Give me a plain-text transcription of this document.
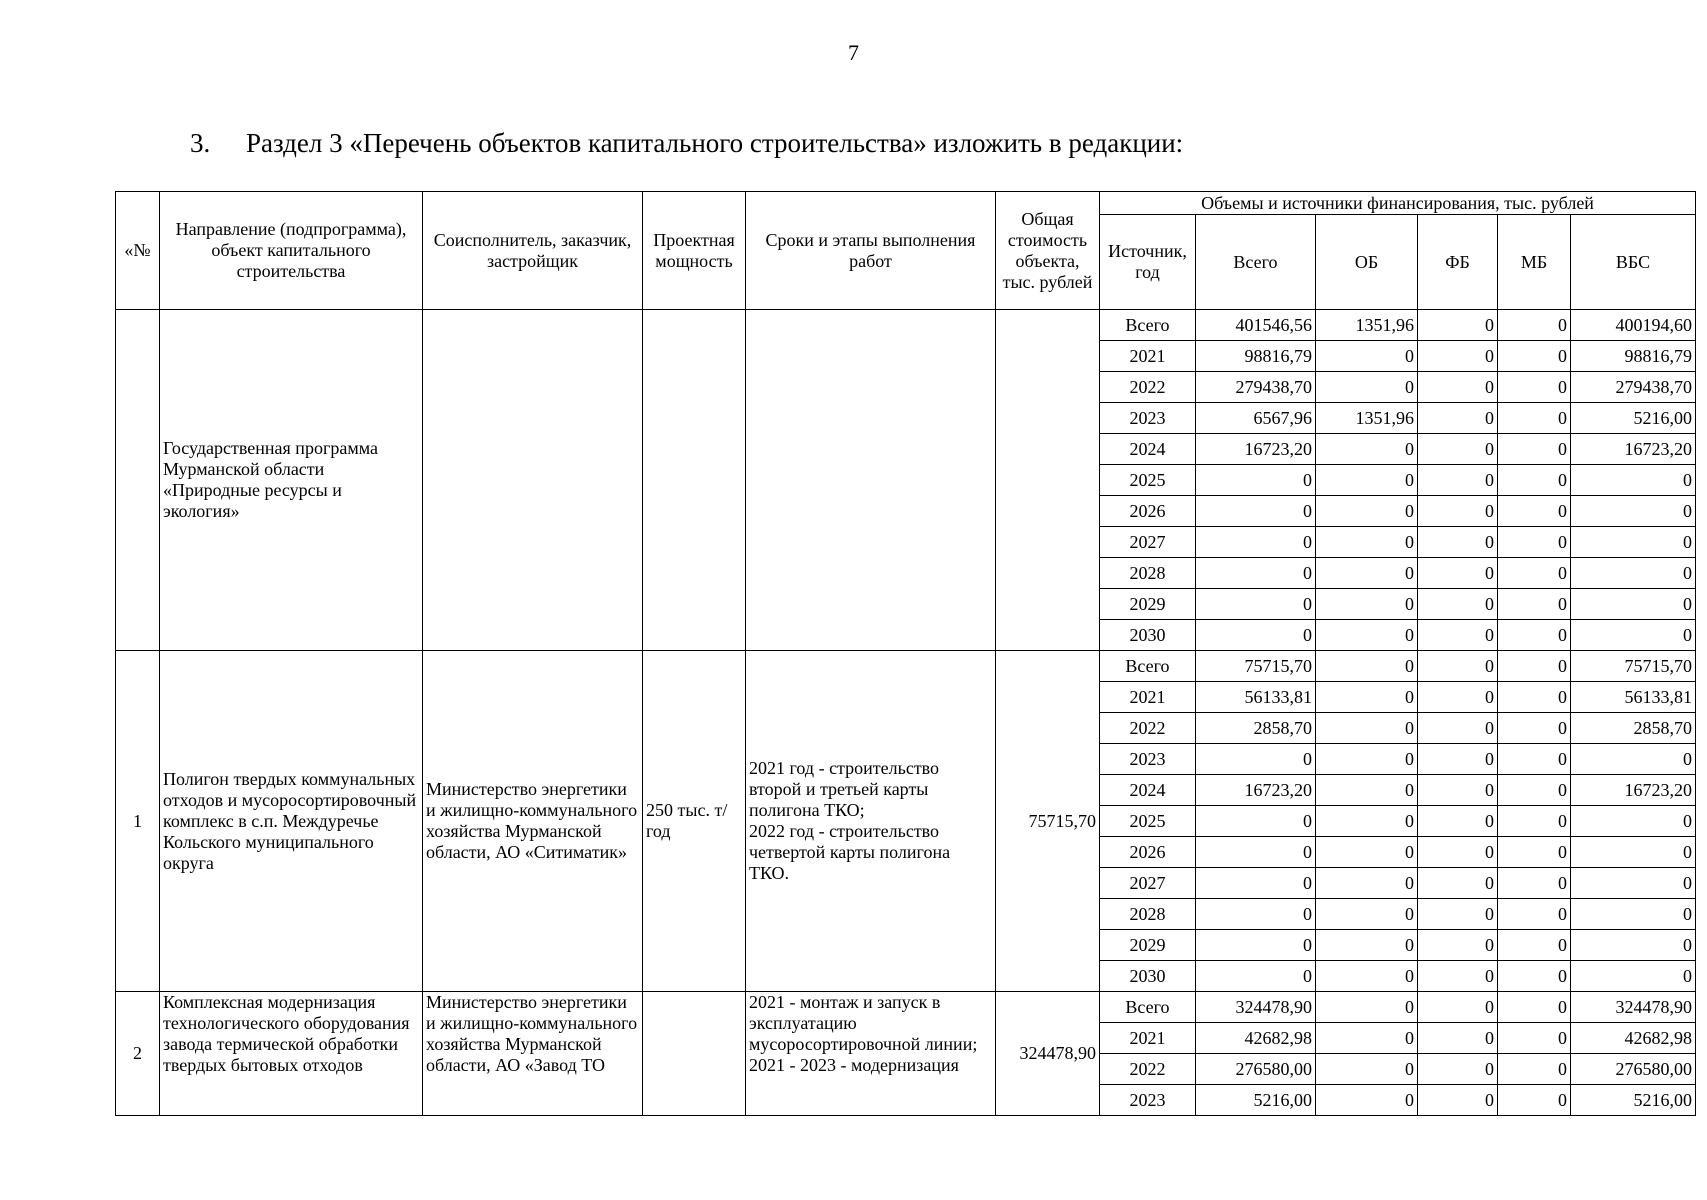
7
3. Раздел 3 «Перечень объектов капитального строительства» изложить в редакции:
«№	Направление (подпрограмма), объект капитального строительства	Соисполнитель, заказчик, застройщик	Проектная мощность	Сроки и этапы выполнения работ	Общая стоимость объекта, тыс. рублей	Объемы и источники финансирования, тыс. рублей					
						Источник, год	Всего	ОБ	ФБ	МБ	ВБС
	Государственная программа Мурманской области «Природные ресурсы и экология»					Всего	401546,56	1351,96	0	0	400194,60
						2021	98816,79	0	0	0	98816,79
						2022	279438,70	0	0	0	279438,70
						2023	6567,96	1351,96	0	0	5216,00
						2024	16723,20	0	0	0	16723,20
						2025	0	0	0	0	0
						2026	0	0	0	0	0
						2027	0	0	0	0	0
						2028	0	0	0	0	0
						2029	0	0	0	0	0
						2030	0	0	0	0	0
1	Полигон твердых коммунальных отходов и мусоросортировочный комплекс в с.п. Междуречье Кольского муниципального округа	Министерство энергетики и жилищно-коммунального хозяйства Мурманской области, АО «Ситиматик»	250 тыс. т/год	2021 год - строительство второй и третьей карты полигона ТКО;
2022 год - строительство четвертой карты полигона ТКО.	75715,70	Всего	75715,70	0	0	0	75715,70
						2021	56133,81	0	0	0	56133,81
						2022	2858,70	0	0	0	2858,70
						2023	0	0	0	0	0
						2024	16723,20	0	0	0	16723,20
						2025	0	0	0	0	0
						2026	0	0	0	0	0
						2027	0	0	0	0	0
						2028	0	0	0	0	0
						2029	0	0	0	0	0
						2030	0	0	0	0	0
2	Комплексная модернизация технологического оборудования завода термической обработки твердых бытовых отходов	Министерство энергетики и жилищно-коммунального хозяйства Мурманской области, АО «Завод ТО		2021 - монтаж и запуск в эксплуатацию мусоросортировочной линии;
2021 - 2023 - модернизация	324478,90	Всего	324478,90	0	0	0	324478,90
						2021	42682,98	0	0	0	42682,98
						2022	276580,00	0	0	0	276580,00
						2023	5216,00	0	0	0	5216,00
